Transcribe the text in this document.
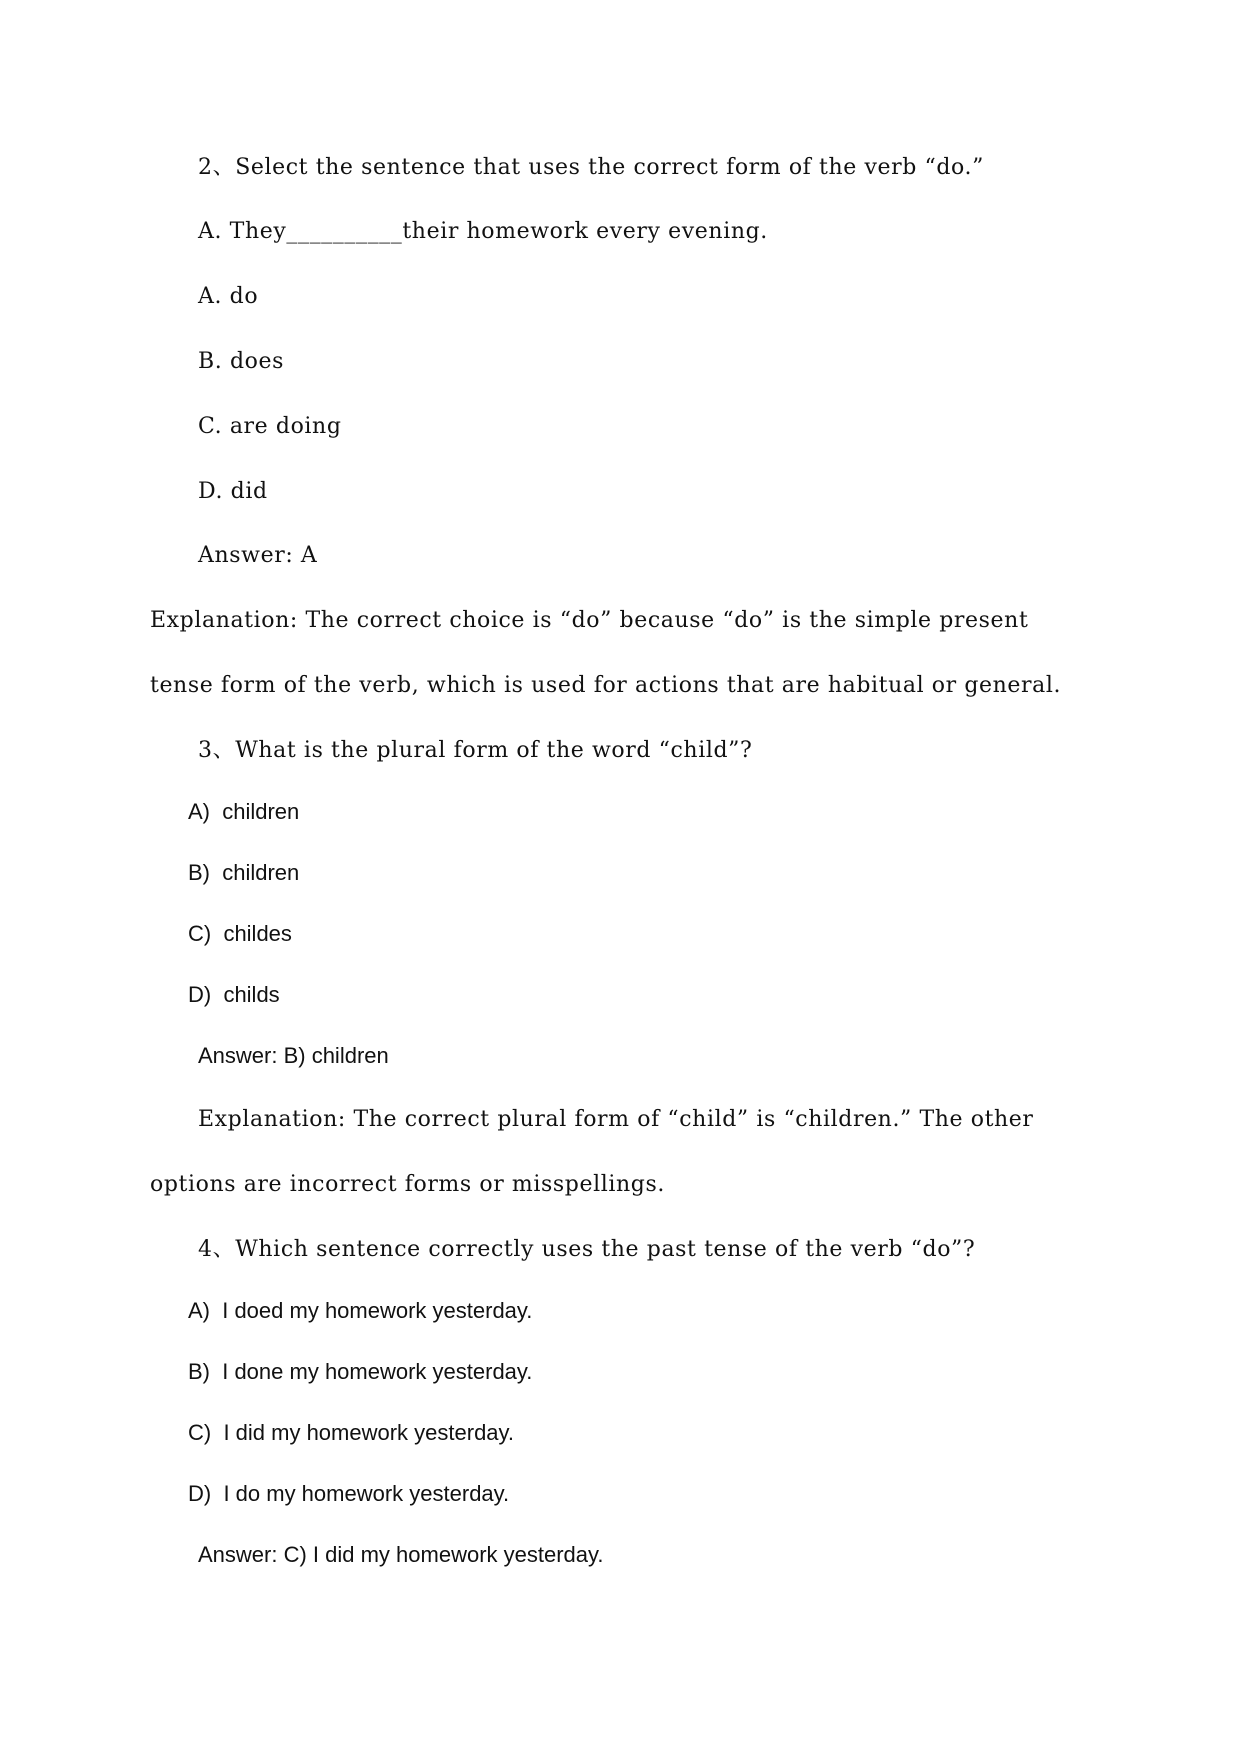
2、Select the sentence that uses the correct form of the verb “do.”
A. They__________their homework every evening.
A. do
B. does
C. are doing
D. did
Answer: A
Explanation: The correct choice is “do” because “do” is the simple present
tense form of the verb, which is used for actions that are habitual or general.
3、What is the plural form of the word “child”?
A)  children
B)  children
C)  childes
D)  childs
Answer: B) children
Explanation: The correct plural form of “child” is “children.” The other
options are incorrect forms or misspellings.
4、Which sentence correctly uses the past tense of the verb “do”?
A)  I doed my homework yesterday.
B)  I done my homework yesterday.
C)  I did my homework yesterday.
D)  I do my homework yesterday.
Answer: C) I did my homework yesterday.
